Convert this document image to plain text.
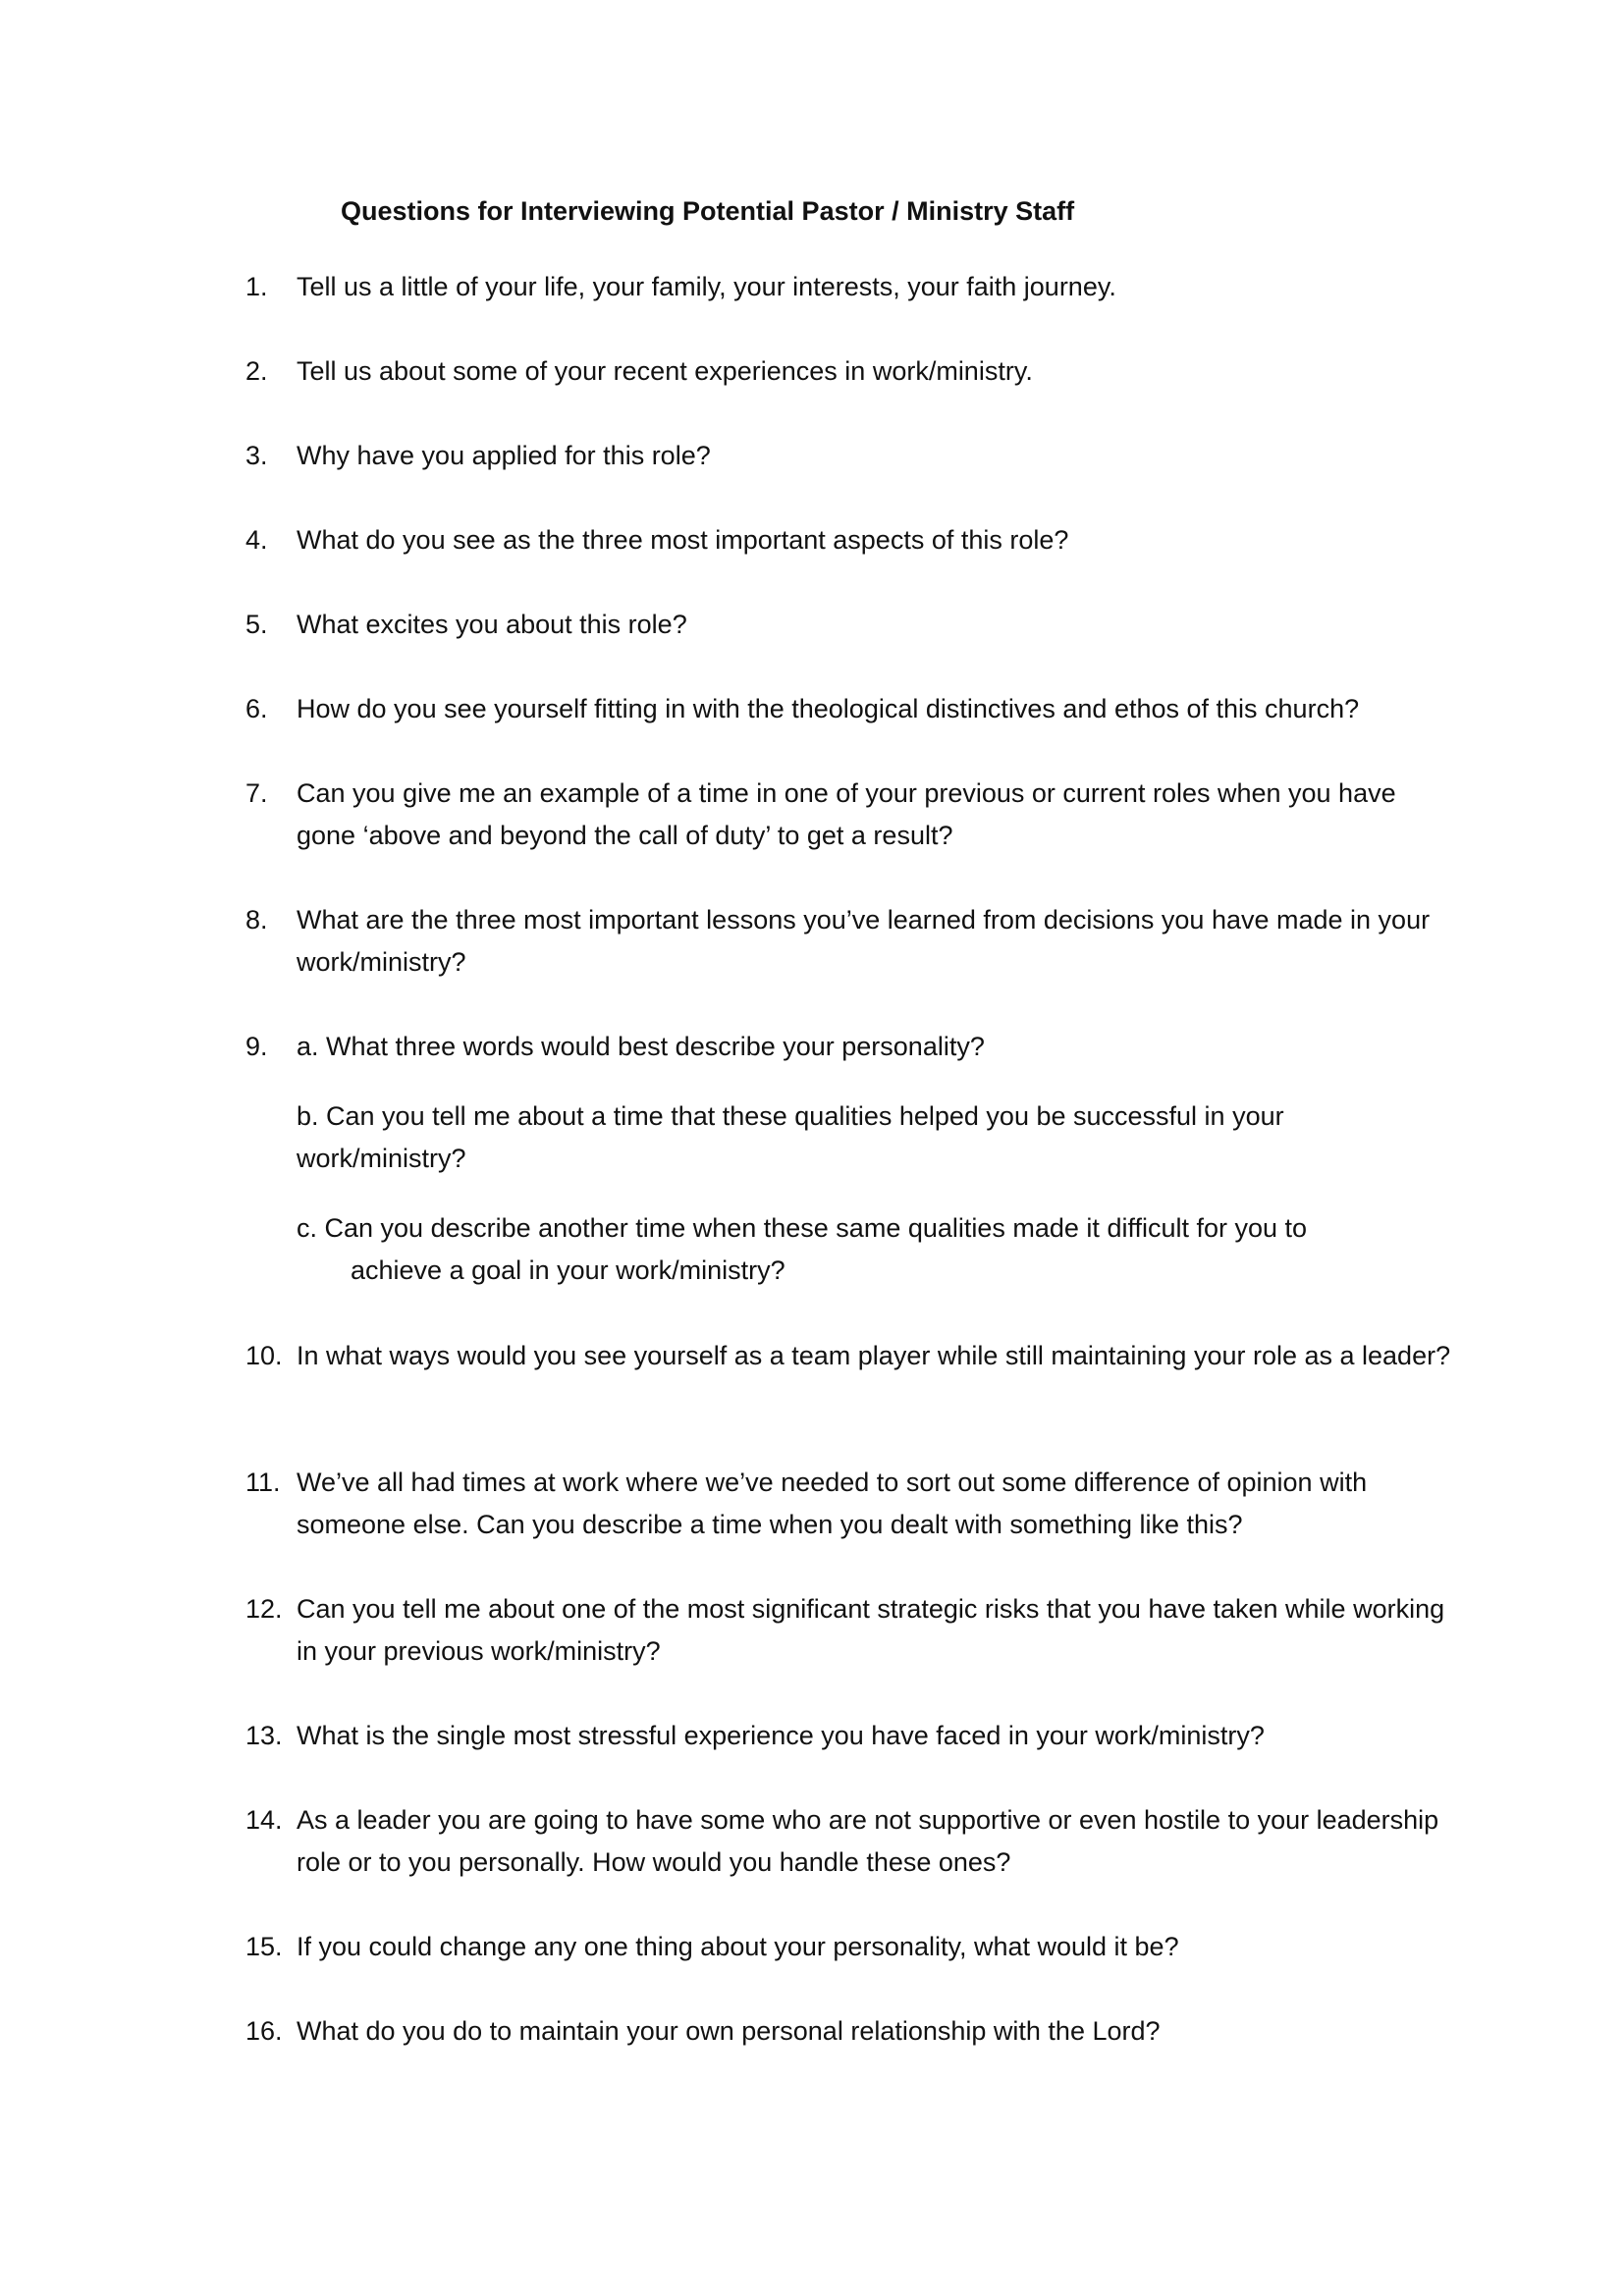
Questions for Interviewing Potential Pastor / Ministry Staff
1. Tell us a little of your life, your family, your interests, your faith journey.
2. Tell us about some of your recent experiences in work/ministry.
3. Why have you applied for this role?
4. What do you see as the three most important aspects of this role?
5. What excites you about this role?
6. How do you see yourself fitting in with the theological distinctives and ethos of this church?
7. Can you give me an example of a time in one of your previous or current roles when you have gone ‘above and beyond the call of duty’ to get a result?
8. What are the three most important lessons you’ve learned from decisions you have made in your work/ministry?
9. a. What three words would best describe your personality?
b. Can you tell me about a time that these qualities helped you be successful in your work/ministry?
c. Can you describe another time when these same qualities made it difficult for you to
achieve a goal in your work/ministry?
10. In what ways would you see yourself as a team player while still maintaining your role as a leader?
11. We’ve all had times at work where we’ve needed to sort out some difference of opinion with someone else. Can you describe a time when you dealt with something like this?
12. Can you tell me about one of the most significant strategic risks that you have taken while working in your previous work/ministry?
13. What is the single most stressful experience you have faced in your work/ministry?
14. As a leader you are going to have some who are not supportive or even hostile to your leadership role or to you personally. How would you handle these ones?
15. If you could change any one thing about your personality, what would it be?
16. What do you do to maintain your own personal relationship with the Lord?
